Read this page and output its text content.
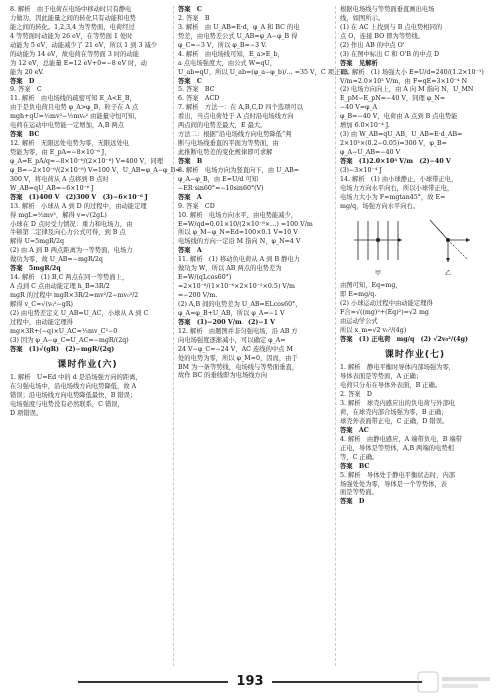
8. 解析　由于电荷在电场中移动时只有静电
力做功，因此能量之间的转化只有动能和电势
能之间的转化。1,2,3,4 为等势面，电荷经过
4 等势面时动能为 26 eV，在等势面 1 处时
动能为 5 eV，动能减少了 21 eV，所以 1 到 3 减少
的动能为 14 eV，故电荷在等势面 3 时的动能
为 12 eV，总能量 E=12 eV+0=−8 eV 时，动
能为 20 eV.
答案　D
9. 答案　C
11. 解析　由电场线的疏密可知 E_A<E_B，
由于是负电荷且电势 φ_A>φ_B，粒子在 A 点
mgh+qU=½mv²−½mv₀² 由能量守恒可知，
电荷在运动中电势能一定增加，A,B 两点
答案　BC
12. 解析　无限远处电势为零，无限远处电
势能为零，由 E_pA=−8×10⁻⁶ J，
φ_A=E_pA/q=−8×10⁻⁶/(2×10⁻⁸) V=400 V，同理
φ_B=−2×10⁻⁶/(2×10⁻⁸) V=100 V，U_AB=φ_A−φ_B=
300 V，将电荷从 A 点移到 B 点时
W_AB=qU_AB=−6×10⁻⁶ J
答案　(1)400 V　(2)300 V　(3)−6×10⁻⁶ J
13. 解析　小球从 A 到 D 的过程中，由动能定理
得 mgL=½mv²，解得 v=√(2gL)
小球在 D 点时受力情况：重力和电场力，由
牛顿第二定律及向心力公式可得，到 B 点
解得 U=5mgR/2q
(2) 由 A 到 B 两点距离为一等势面，电场力
做功为零，故 U_AB=−mgR/2q
答案　5mgR/2q
14. 解析　(1) B,C 两点在同一等势面上，
A 点到 C 点由动能定理 h_B=3R/2
mgR 的过程中 mgR×3R/2=mv²/2−mv₀²/2
解得 v_C=√(v₀²−gR)
(2) 由电势差定义 U_AB=U_AC，小球从 A 到 C
过程中，由动能定理得
mg×3R+(−q)×U_AC=½mv_C²−0
(3) 因为 φ_A−φ_C=U_AC=−mgR/(2q)
答案　(1)√(gR)　(2)−mgR/(2q)
课时作业(六)
1. 解析　U=Ed 中的 d 是沿场强方向的距离，
在匀强电场中，沿电场线方向电势降低，故 A
错误；沿电场线方向电势降低最快，B 错误；
电场强度与电势没有必然联系，C 错误，
D 项错误。
答案　C
2. 答案　B
3. 解析　由 U_AB=E·d，φ_A 和 BC 的电
势差，由电势差公式 U_AB=φ_A−φ_B 得
φ_C=−3 V，所以 φ_B=−3 V.
4. 解析　由电场线可知，E_a>E_b，
a 点电场强度大，由公式 W=qU，
U_ab=qU，所以 U_ab=(φ_a−φ_b)/… =35 V，C 项正确。
答案　C
5. 答案　BC
6. 答案　ACD
7. 解析　方法一：在 A,B,C,D 四个选项可以
看出，当点电荷处于 A 点时沿电场线方向
两点间的电势差最大，E 最大。
方法二：根据“沿电场线方向电势降低”判
断与电场线垂直的平面为等势面，由
此推断电势差的变化规律即可求解
答案　B
8. 解析　电场方向为竖直向下，由 U_AB=
φ_A−φ_B，由 E=U/d 可知
−ER·sin60°=−10sin60°(V)
答案　A
9. 答案　CD
10. 解析　电场方向水平，由电势能减少，
E=W/qd=0.01×10/(2×10⁻⁸×…) =100 V/m
所以 φ_M−φ_N=Ed=100×0.1 V=10 V
电场线的方向一定沿 M 指向 N，φ_N=4 V
答案　A
11. 解析　(1) 移动负电荷从 A 到 B 静电力
做功为 W，所以 AB 两点的电势差为
E=W/(qLcos60°)
=2×10⁻⁶/(1×10⁻⁶×2×10⁻²×0.5) V/m
=−200 V/m.
(2) A,B 间的电势差为 U_AB=ELcos60°，
φ_A=φ_B+U_AB，所以 φ_A=−1 V
答案　(1)−200 V/m　(2)−1 V
12. 解析　由题图并非匀强电场，沿 AB 方
向电场强度逐渐减小，可以确定 φ_A=
24 V−φ_C=−24 V，AC 连线的中点 M
处的电势为零，所以 φ_M=0，因而，由于
BM 为一条等势线，电场线与等势面垂直，
故作 BC 的垂线即为电场线方向
根据电场线与等势面垂直画出电场
线，如图所示。
(1) 在 AC 上找到与 B 点电势相同的
点 O，连接 BO 即为等势线。
(2) 作出 AB 的中点 O'
(3) 在图中标出 C 和 O'B 的中点 D
答案　见解析
13. 解析　(1) 场强大小 E=U/d=240/(1.2×10⁻¹)
V/m=2.0×10³ V/m，由 F=qE=3×10⁻⁴ N
(2) 电场方向向上，由 A 向 M 指向 N，U_MN
E_pM−E_pN=−40 V，同理 φ_N=
−40 V=φ_A
φ_B=−40 V，电荷由 A 点到 B 点电势能
增加 6.0×10⁻⁴ J.
(3) 由 W_AB=qU_AB，U_AB=E·d_AB=
2×10³×(0.2−0.05)=300 V，φ_B=
φ_A−U_AB=−40 V
答案　(1)2.0×10³ V/m　(2)−40 V
(3)−3×10⁻⁴ J
14. 解析　(1) 由小球静止，小球带正电，
电场力方向水平向右，所以小球带正电，
电场力大小为 F=mgtan45°，故 E=
mg/q，场强方向水平向右。
甲	乙
由图可知，Eq=mg，
即 E=mg/q.
(2) 小球运动过程中由动能定理得
F合=√((mg)²+(Eq)²)=√2 mg
由运动学公式
所以 x_m=√2 v₀²/(4g)
答案　(1) 正电荷　mg/q　(2) √2v₀²/(4g)
课时作业(七)
1. 解析　静电平衡时导体内部场强为零，
导体表面是等势面，A 正确；
电荷只分布在导体外表面，B 正确。
2. 答案　D
3. 解析　球壳内感应出的负电荷与外部电
荷，在球壳内部合场强为零，B 正确；
球壳外表面带正电，C 正确，D 错误。
答案　AC
4. 解析　由静电感应，A 端带负电，B 端带
正电，导体是等势体，A,B 两端的电势相
等，C 正确。
答案　BC
5. 解析　导体处于静电平衡状态时，内部
场强处处为零，导体是一个等势体，表
面是等势面。
答案　D
193
